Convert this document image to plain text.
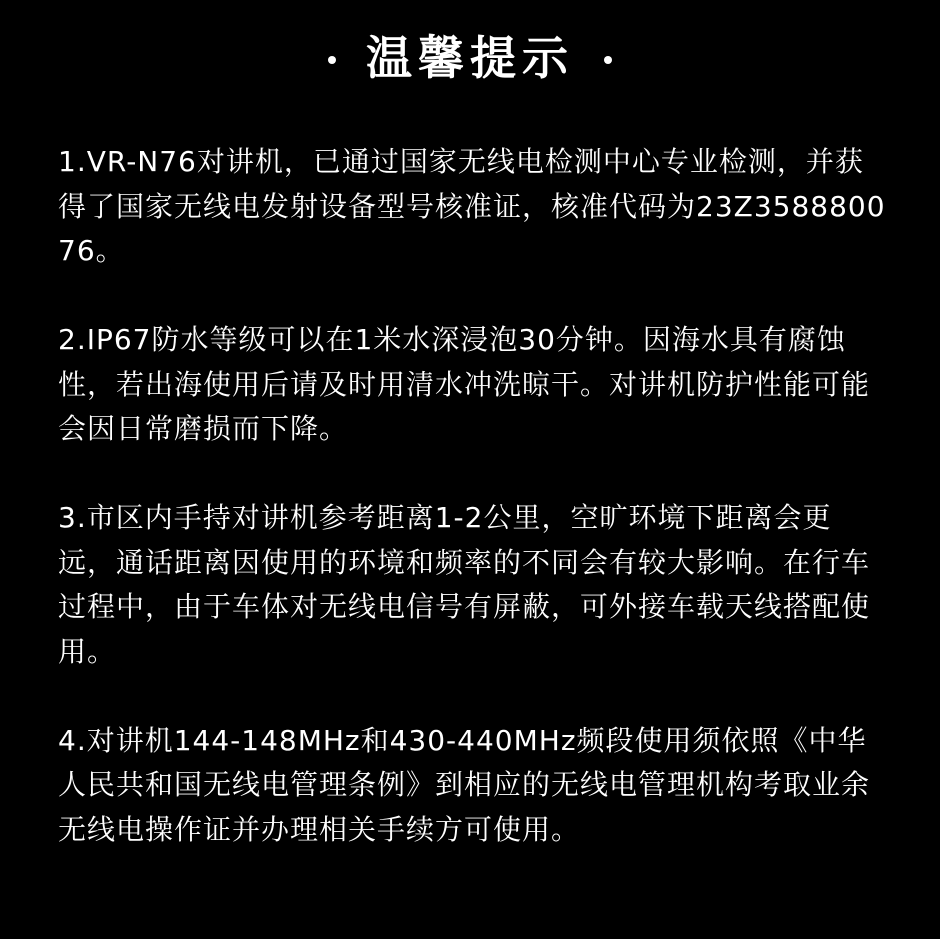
温馨提示

1.VR-N76对讲机，已通过国家无线电检测中心专业检测，并获得了国家无线电发射设备型号核准证，核准代码为23Z358880076。

2.IP67防水等级可以在1米水深浸泡30分钟。因海水具有腐蚀性，若出海使用后请及时用清水冲洗晾干。对讲机防护性能可能会因日常磨损而下降。

3.市区内手持对讲机参考距离1-2公里，空旷环境下距离会更远，通话距离因使用的环境和频率的不同会有较大影响。在行车过程中，由于车体对无线电信号有屏蔽，可外接车载天线搭配使用。

4.对讲机144-148MHz和430-440MHz频段使用须依照《中华人民共和国无线电管理条例》到相应的无线电管理机构考取业余无线电操作证并办理相关手续方可使用。
